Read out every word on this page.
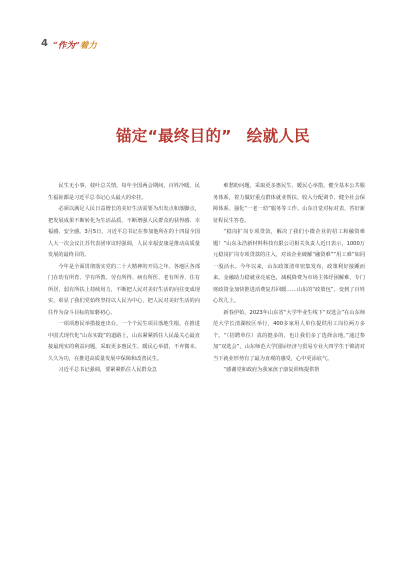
4 “作为”着力
锚定“最终目的” 绘就人民

民生无小事，枝叶总关情。每年全国两会期间，百姓冷暖、民生福祉都是习近平总书记心头最大的牵挂。

必须以满足人民日益增长的美好生活需要为出发点和落脚点，把发展成果不断转化为生活品质，不断增强人民群众的获得感、幸福感、安全感。3月5日，习近平总书记在参加他所在的十四届全国人大一次会议江苏代表团审议时强调，人民幸福安康是推动高质量发展的最终目的。

今年是全面贯彻落实党的二十大精神的开局之年。各地区各部门在幼有所育、学有所教、劳有所得、病有所医、老有所养、住有所居、弱有所扶上持续用力，不断把人民对美好生活的向往变成现实，彰显了我们党始终坚持以人民为中心，把人民对美好生活的向往作为奋斗目标的如磐初心。

一项项惠民举措接连出台，一个个民生项目落地生根。在推进中国式现代化“山东实践”的道路上，山东紧紧抓住人民最关心最直接最现实的利益问题，采取更多惠民生、暖民心举措，不弃微末、久久为功，在推进高质量发展中保障和改善民生。

习近平总书记强调，要紧紧抓住人民群众急

难愁盼问题，采取更多惠民生、暖民心举措，健全基本公共服务体系，着力做好重点群体就业帮扶、收入分配调节、健全社会保障体系、强化“一老一幼”服务等工作。山东自觉对标对表，答好新征程民生答卷。

“稳岗扩岗专项贷款，解决了我们小微企业的招工和融资难题！”山东永浩新材料科技有限公司相关负责人近日表示，1000万元稳岗扩岗专项贷款的注入，对该企业破解“融资难”“用工难”如同一股活水。今年以来，山东政策清单密集发布，政策利好接踵而来。金融助力稳就业亮底色，减税降费为市场主体纾困解难，专门财政资金加快推进消费复苏回暖……山东的“政策包”，变到了百姓心坎儿上。

新春伊始，2023年山东省“大学毕业生线下“双选会”在山东师范大学长清湖校区举行，400多家用人单位提供用工岗位两万多个。“（招聘单位）真的挺多的，也让我们多了选择余地。”通过参加“双选会”，山东师范大学国际经济与贸易专业大四学生于锦清对当下就业形势有了最为直观的感受，心中更添底气。

“感谢党和政府为我家孩子康复训练提供帮
